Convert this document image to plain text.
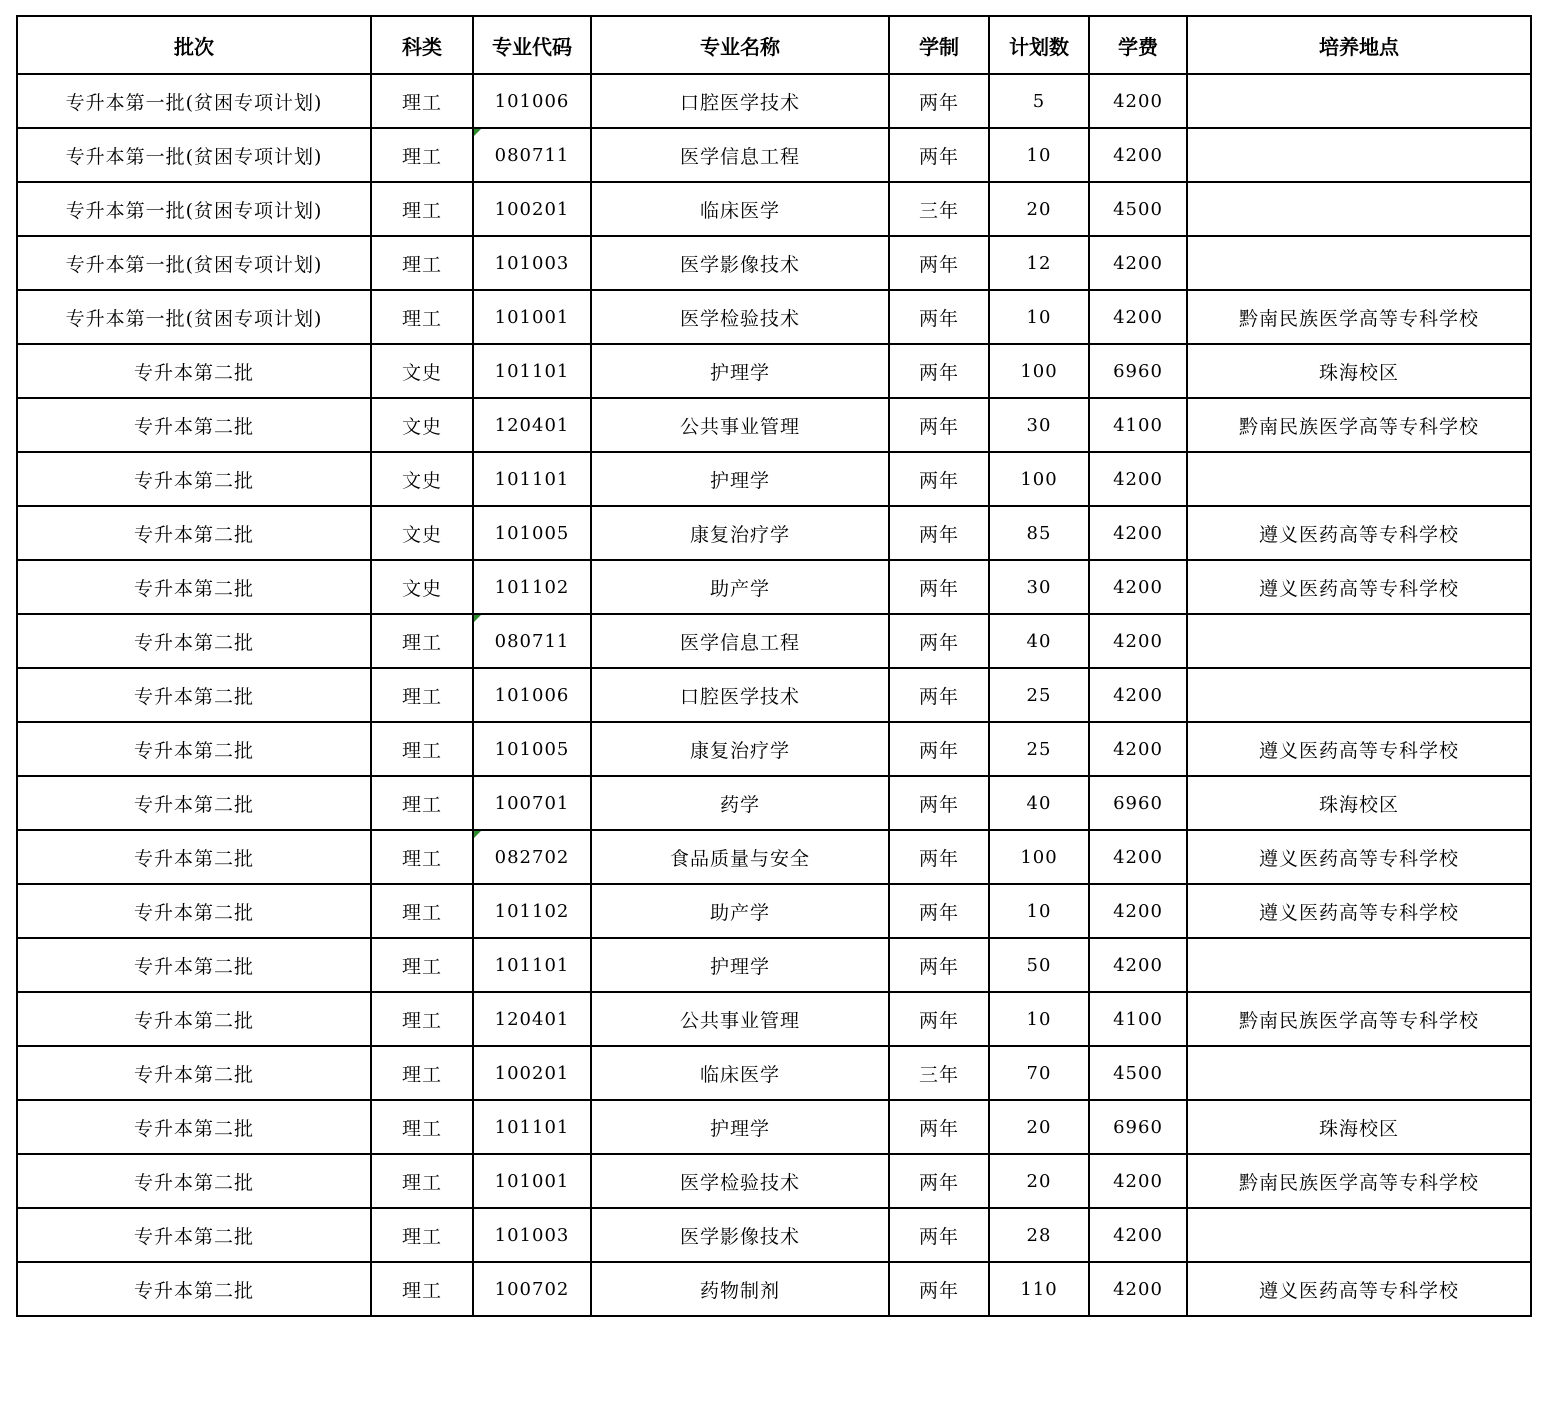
批次	科类	专业代码	专业名称	学制	计划数	学费	培养地点
专升本第一批(贫困专项计划)	理工	101006	口腔医学技术	两年	5	4200	
专升本第一批(贫困专项计划)	理工	080711	医学信息工程	两年	10	4200	
专升本第一批(贫困专项计划)	理工	100201	临床医学	三年	20	4500	
专升本第一批(贫困专项计划)	理工	101003	医学影像技术	两年	12	4200	
专升本第一批(贫困专项计划)	理工	101001	医学检验技术	两年	10	4200	黔南民族医学高等专科学校
专升本第二批	文史	101101	护理学	两年	100	6960	珠海校区
专升本第二批	文史	120401	公共事业管理	两年	30	4100	黔南民族医学高等专科学校
专升本第二批	文史	101101	护理学	两年	100	4200	
专升本第二批	文史	101005	康复治疗学	两年	85	4200	遵义医药高等专科学校
专升本第二批	文史	101102	助产学	两年	30	4200	遵义医药高等专科学校
专升本第二批	理工	080711	医学信息工程	两年	40	4200	
专升本第二批	理工	101006	口腔医学技术	两年	25	4200	
专升本第二批	理工	101005	康复治疗学	两年	25	4200	遵义医药高等专科学校
专升本第二批	理工	100701	药学	两年	40	6960	珠海校区
专升本第二批	理工	082702	食品质量与安全	两年	100	4200	遵义医药高等专科学校
专升本第二批	理工	101102	助产学	两年	10	4200	遵义医药高等专科学校
专升本第二批	理工	101101	护理学	两年	50	4200	
专升本第二批	理工	120401	公共事业管理	两年	10	4100	黔南民族医学高等专科学校
专升本第二批	理工	100201	临床医学	三年	70	4500	
专升本第二批	理工	101101	护理学	两年	20	6960	珠海校区
专升本第二批	理工	101001	医学检验技术	两年	20	4200	黔南民族医学高等专科学校
专升本第二批	理工	101003	医学影像技术	两年	28	4200	
专升本第二批	理工	100702	药物制剂	两年	110	4200	遵义医药高等专科学校
